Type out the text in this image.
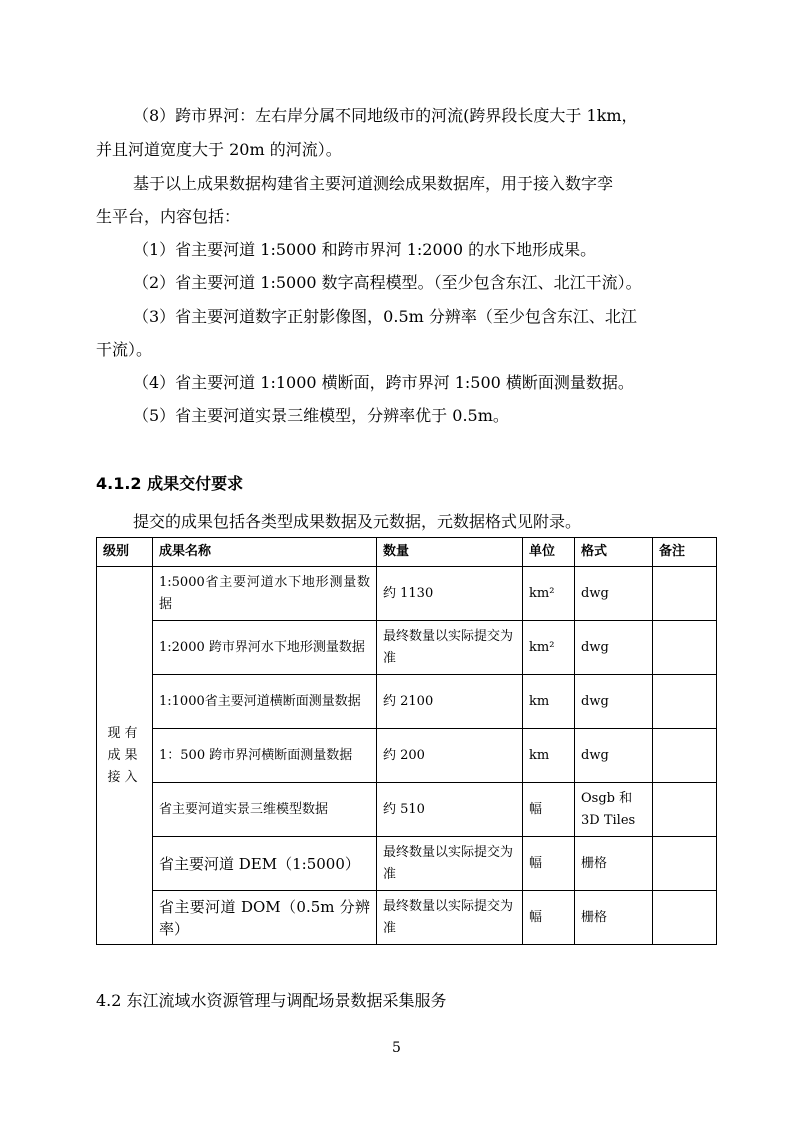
（8）跨市界河：左右岸分属不同地级市的河流(跨界段长度大于 1km，
并且河道宽度大于 20m 的河流）。
基于以上成果数据构建省主要河道测绘成果数据库，用于接入数字孪
生平台，内容包括：
（1）省主要河道 1:5000 和跨市界河 1:2000 的水下地形成果。
（2）省主要河道 1:5000 数字高程模型。（至少包含东江、北江干流）。
（3）省主要河道数字正射影像图，0.5m 分辨率（至少包含东江、北江
干流）。
（4）省主要河道 1:1000 横断面，跨市界河 1:500 横断面测量数据。
（5）省主要河道实景三维模型，分辨率优于 0.5m。
4.1.2 成果交付要求
提交的成果包括各类型成果数据及元数据，元数据格式见附录。
级别	成果名称	数量	单位	格式	备注
现有成果接入	1:5000省主要河道水下地形测量数据	约 1130	km²	dwg	
	1:2000 跨市界河水下地形测量数据	最终数量以实际提交为准	km²	dwg	
	1:1000省主要河道横断面测量数据	约 2100	km	dwg	
	1：500 跨市界河横断面测量数据	约 200	km	dwg	
	省主要河道实景三维模型数据	约 510	幅	Osgb 和 3D Tiles	
	省主要河道 DEM（1:5000）	最终数量以实际提交为准	幅	栅格	
	省主要河道 DOM（0.5m 分辨率）	最终数量以实际提交为准	幅	栅格	
4.2 东江流域水资源管理与调配场景数据采集服务
5
